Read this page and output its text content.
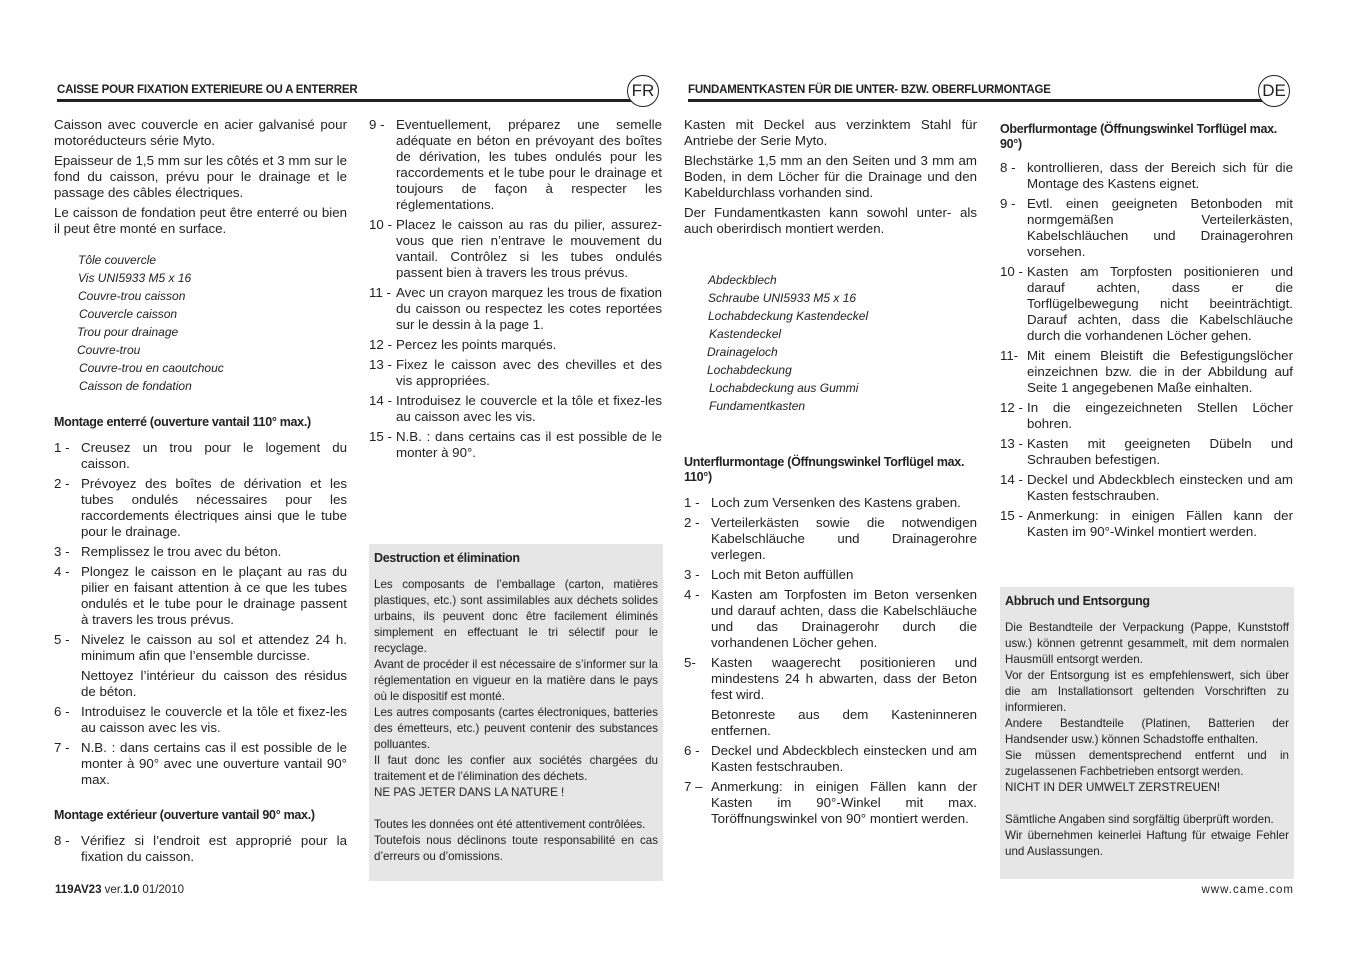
CAISSE POUR FIXATION EXTERIEURE OU A ENTERRER	FR	FUNDAMENTKASTEN FÜR DIE UNTER- BZW. OBERFLURMONTAGE	DE

Caisson avec couvercle en acier galvanisé pour motoréducteurs série Myto.

Epaisseur de 1,5 mm sur les côtés et 3 mm sur le fond du caisson, prévu pour le drainage et le passage des câbles électriques.

Le caisson de fondation peut être enterré ou bien il peut être monté en surface.

Tôle couvercle
Vis UNI5933 M5 x 16
Couvre-trou caisson
Couvercle caisson
Trou pour drainage
Couvre-trou
Couvre-trou en caoutchouc
Caisson de fondation
Montage enterré (ouverture vantail 110° max.)
1 - Creusez un trou pour le logement du caisson.
2 - Prévoyez des boîtes de dérivation et les tubes ondulés nécessaires pour les raccordements électriques ainsi que le tube pour le drainage.
3 - Remplissez le trou avec du béton.
4 - Plongez le caisson en le plaçant au ras du pilier en faisant attention à ce que les tubes ondulés et le tube pour le drainage passent à travers les trous prévus.
5 - Nivelez le caisson au sol et attendez 24 h. minimum afin que l’ensemble durcisse.
Nettoyez l’intérieur du caisson des résidus de béton.
6 - Introduisez le couvercle et la tôle et fixez-les au caisson avec les vis.
7 - N.B. : dans certains cas il est possible de le monter à 90° avec une ouverture vantail 90° max.
Montage extérieur (ouverture vantail 90° max.)
8 - Vérifiez si l’endroit est approprié pour la fixation du caisson.
9 - Eventuellement, préparez une semelle adéquate en béton en prévoyant des boîtes de dérivation, les tubes ondulés pour les raccordements et le tube pour le drainage et toujours de façon à respecter les réglementations.
10 - Placez le caisson au ras du pilier, assurez-vous que rien n’entrave le mouvement du vantail. Contrôlez si les tubes ondulés passent bien à travers les trous prévus.
11 - Avec un crayon marquez les trous de fixation du caisson ou respectez les cotes reportées sur le dessin à la page 1.
12 - Percez les points marqués.
13 - Fixez le caisson avec des chevilles et des vis appropriées.
14 - Introduisez le couvercle et la tôle et fixez-les au caisson avec les vis.
15 - N.B. : dans certains cas il est possible de le monter à 90°.
Destruction et élimination

Les composants de l’emballage (carton, matières plastiques, etc.) sont assimilables aux déchets solides urbains, ils peuvent donc être facilement éliminés simplement en effectuant le tri sélectif pour le recyclage.

Avant de procéder il est nécessaire de s’informer sur la réglementation en vigueur en la matière dans le pays où le dispositif est monté.

Les autres composants (cartes électroniques, batteries des émetteurs, etc.) peuvent contenir des substances polluantes.

Il faut donc les confier aux sociétés chargées du traitement et de l’élimination des déchets.

NE PAS JETER DANS LA NATURE !

Toutes les données ont été attentivement contrôlées.

Toutefois nous déclinons toute responsabilité en cas d’erreurs ou d’omissions.

Kasten mit Deckel aus verzinktem Stahl für Antriebe der Serie Myto.

Blechstärke 1,5 mm an den Seiten und 3 mm am Boden, in dem Löcher für die Drainage und den Kabeldurchlass vorhanden sind.

Der Fundamentkasten kann sowohl unter- als auch oberirdisch montiert werden.

Abdeckblech
Schraube UNI5933 M5 x 16
Lochabdeckung Kastendeckel
Kastendeckel
Drainageloch
Lochabdeckung
Lochabdeckung aus Gummi
Fundamentkasten
Unterflurmontage (Öffnungswinkel Torflügel max. 110°)
1 - Loch zum Versenken des Kastens graben.
2 - Verteilerkästen sowie die notwendigen Kabelschläuche und Drainagerohre verlegen.
3 - Loch mit Beton auffüllen
4 - Kasten am Torpfosten im Beton versenken und darauf achten, dass die Kabelschläuche und das Drainagerohr durch die vorhandenen Löcher gehen.
5-	Kasten waagerecht positionieren und mindestens 24 h abwarten, dass der Beton fest wird.
Betonreste aus dem Kasteninneren entfernen.
6 - Deckel und Abdeckblech einstecken und am Kasten festschrauben.
7 – Anmerkung: in einigen Fällen kann der Kasten im 90°-Winkel mit max. Toröffnungswinkel von 90° montiert werden.
Oberflurmontage (Öffnungswinkel Torflügel max. 90°)
8 - kontrollieren, dass der Bereich sich für die Montage des Kastens eignet.
9 - Evtl. einen geeigneten Betonboden mit normgemäßen Verteilerkästen, Kabelschläuchen und Drainagerohren vorsehen.
10 - Kasten am Torpfosten positionieren und darauf achten, dass er die Torflügelbewegung nicht beeinträchtigt. Darauf achten, dass die Kabelschläuche durch die vorhandenen Löcher gehen.
11- Mit einem Bleistift die Befestigungslöcher einzeichnen bzw. die in der Abbildung auf Seite 1 angegebenen Maße einhalten.
12 - In die eingezeichneten Stellen Löcher bohren.
13 - Kasten mit geeigneten Dübeln und Schrauben befestigen.
14 - Deckel und Abdeckblech einstecken und am Kasten festschrauben.
15 - Anmerkung: in einigen Fällen kann der Kasten im 90°-Winkel montiert werden.
Abbruch und Entsorgung

Die Bestandteile der Verpackung (Pappe, Kunststoff usw.) können getrennt gesammelt, mit dem normalen Hausmüll entsorgt werden.

Vor der Entsorgung ist es empfehlenswert, sich über die am Installationsort geltenden Vorschriften zu informieren.

Andere Bestandteile (Platinen, Batterien der Handsender usw.) können Schadstoffe enthalten.

Sie müssen dementsprechend entfernt und in zugelassenen Fachbetrieben entsorgt werden.

NICHT IN DER UMWELT ZERSTREUEN!

Sämtliche Angaben sind sorgfältig überprüft worden.

Wir übernehmen keinerlei Haftung für etwaige Fehler und Auslassungen.

119AV23 ver.1.0 01/2010	www.came.com
